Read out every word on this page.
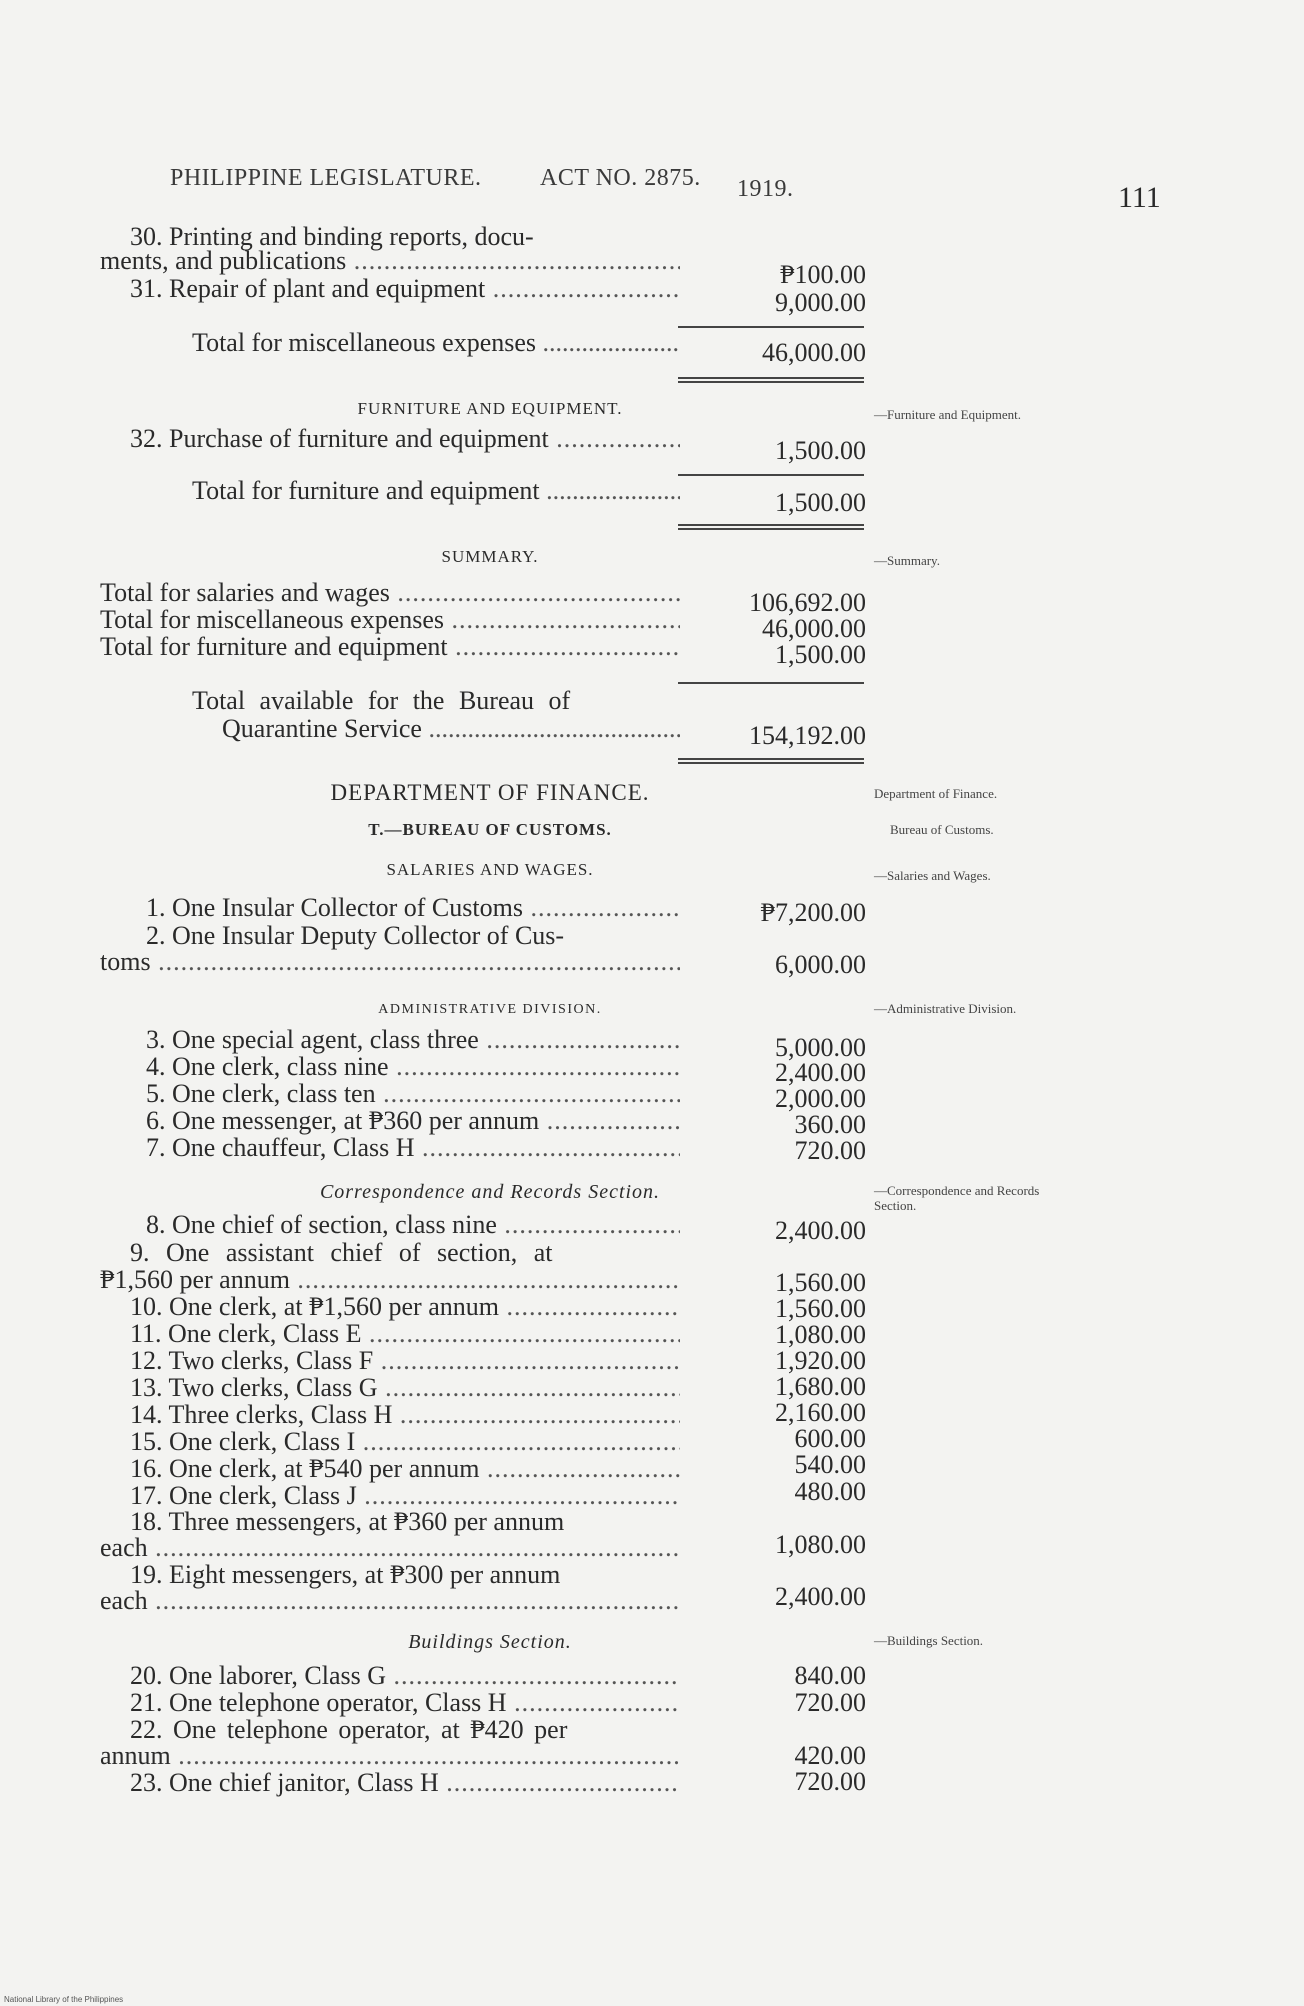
PHILIPPINE LEGISLATURE. ACT NO. 2875. 1919.	111
30. Printing and binding reports, docu-
ments, and publications .....	₱100.00
31. Repair of plant and equipment .....	9,000.00
Total for miscellaneous expenses .....	46,000.00
FURNITURE AND EQUIPMENT.	—Furniture and Equipment.
32. Purchase of furniture and equipment .....	1,500.00
Total for furniture and equipment .....	1,500.00
SUMMARY.	—Summary.
Total for salaries and wages .....	106,692.00
Total for miscellaneous expenses .....	46,000.00
Total for furniture and equipment .....	1,500.00
Total available for the Bureau of
Quarantine Service .....	154,192.00
DEPARTMENT OF FINANCE.	Department of Finance.
T.—BUREAU OF CUSTOMS.	Bureau of Customs.
SALARIES AND WAGES.	—Salaries and Wages.
1. One Insular Collector of Customs .....	₱7,200.00
2. One Insular Deputy Collector of Cus-
toms .....	6,000.00
ADMINISTRATIVE DIVISION.	—Administrative Division.
3. One special agent, class three .....	5,000.00
4. One clerk, class nine .....	2,400.00
5. One clerk, class ten .....	2,000.00
6. One messenger, at ₱360 per annum .....	360.00
7. One chauffeur, Class H .....	720.00
Correspondence and Records Section.	—Correspondence and Records Section.
8. One chief of section, class nine .....	2,400.00
9. One assistant chief of section, at
₱1,560 per annum .....	1,560.00
10. One clerk, at ₱1,560 per annum .....	1,560.00
11. One clerk, Class E .....	1,080.00
12. Two clerks, Class F .....	1,920.00
13. Two clerks, Class G .....	1,680.00
14. Three clerks, Class H .....	2,160.00
15. One clerk, Class I .....	600.00
16. One clerk, at ₱540 per annum .....	540.00
17. One clerk, Class J .....	480.00
18. Three messengers, at ₱360 per annum
each .....	1,080.00
19. Eight messengers, at ₱300 per annum
each .....	2,400.00
Buildings Section.	—Buildings Section.
20. One laborer, Class G .....	840.00
21. One telephone operator, Class H .....	720.00
22. One telephone operator, at ₱420 per
annum .....	420.00
23. One chief janitor, Class H .....	720.00
National Library of the Philippines
